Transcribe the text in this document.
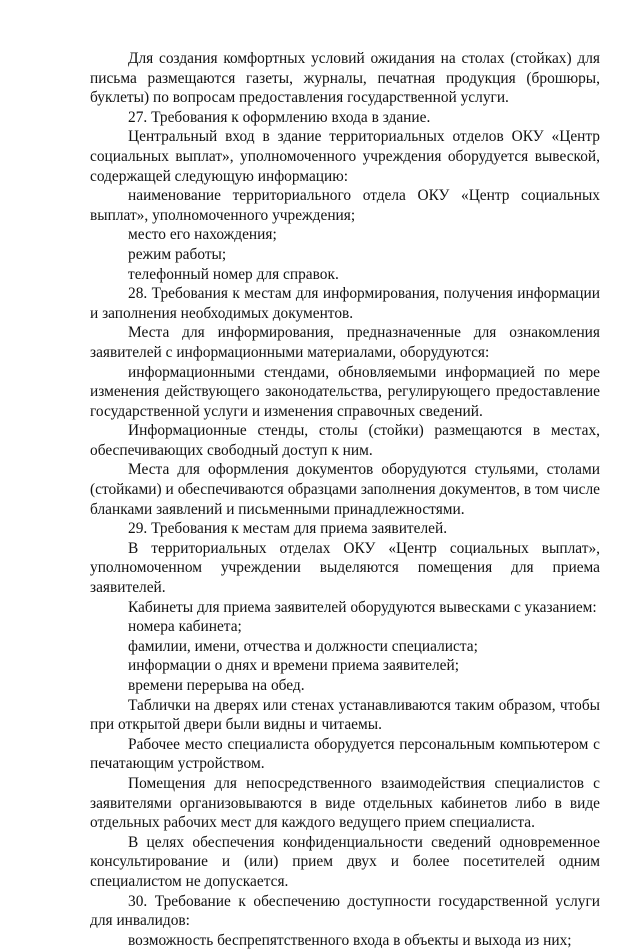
Для создания комфортных условий ожидания на столах (стойках) для письма размещаются газеты, журналы, печатная продукция (брошюры, буклеты) по вопросам предоставления государственной услуги.

27. Требования к оформлению входа в здание.

Центральный вход в здание территориальных отделов ОКУ «Центр социальных выплат», уполномоченного учреждения оборудуется вывеской, содержащей следующую информацию:

наименование территориального отдела ОКУ «Центр социальных выплат», уполномоченного учреждения;

место его нахождения;

режим работы;

телефонный номер для справок.

28. Требования к местам для информирования, получения информации и заполнения необходимых документов.

Места для информирования, предназначенные для ознакомления заявителей с информационными материалами, оборудуются:

информационными стендами, обновляемыми информацией по мере изменения действующего законодательства, регулирующего предоставление государственной услуги и изменения справочных сведений.

Информационные стенды, столы (стойки) размещаются в местах, обеспечивающих свободный доступ к ним.

Места для оформления документов оборудуются стульями, столами (стойками) и обеспечиваются образцами заполнения документов, в том числе бланками заявлений и письменными принадлежностями.

29. Требования к местам для приема заявителей.

В территориальных отделах ОКУ «Центр социальных выплат», уполномоченном учреждении выделяются помещения для приема заявителей.

Кабинеты для приема заявителей оборудуются вывесками с указанием:

номера кабинета;

фамилии, имени, отчества и должности специалиста;

информации о днях и времени приема заявителей;

времени перерыва на обед.

Таблички на дверях или стенах устанавливаются таким образом, чтобы при открытой двери были видны и читаемы.

Рабочее место специалиста оборудуется персональным компьютером с печатающим устройством.

Помещения для непосредственного взаимодействия специалистов с заявителями организовываются в виде отдельных кабинетов либо в виде отдельных рабочих мест для каждого ведущего прием специалиста.

В целях обеспечения конфиденциальности сведений одновременное консультирование и (или) прием двух и более посетителей одним специалистом не допускается.

30. Требование к обеспечению доступности государственной услуги для инвалидов:

возможность беспрепятственного входа в объекты и выхода из них;
